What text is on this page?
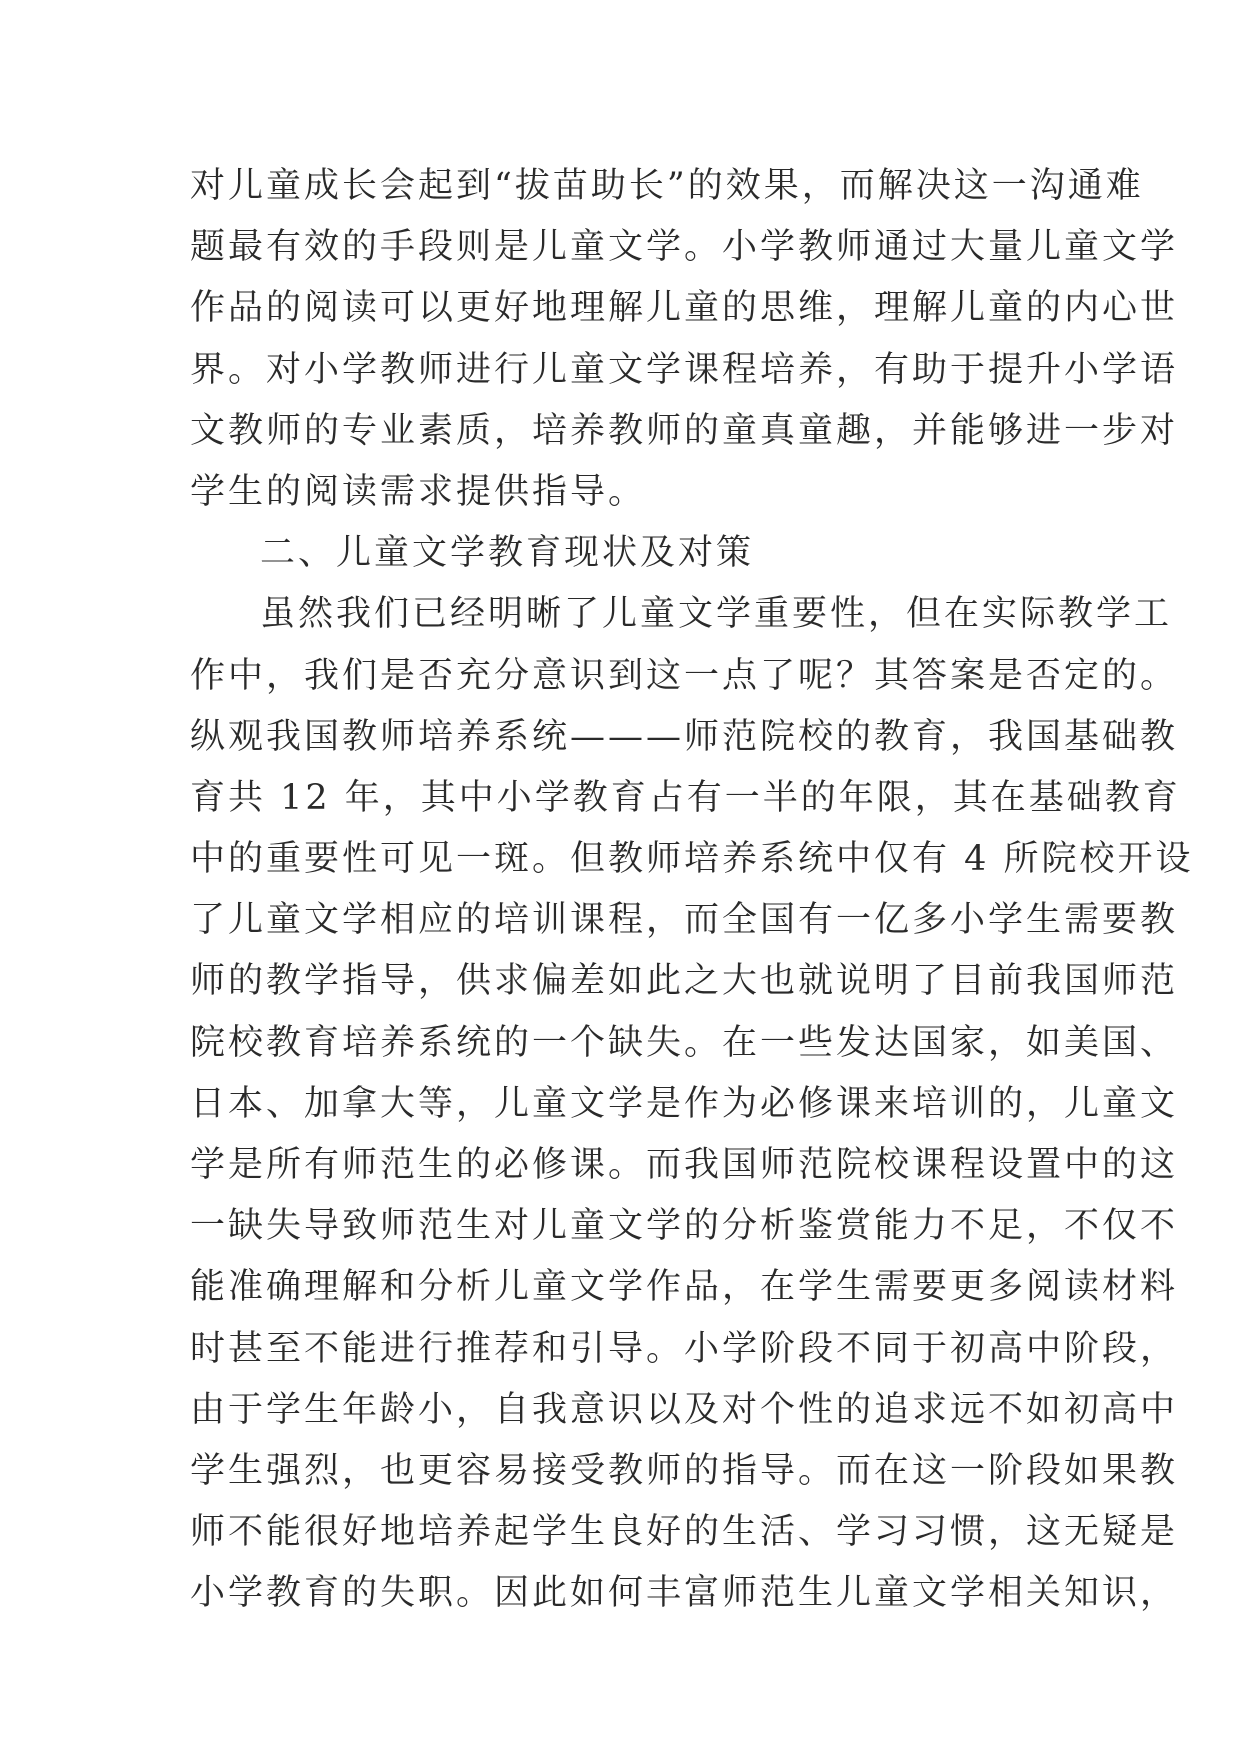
对儿童成长会起到“拔苗助长”的效果，而解决这一沟通难
题最有效的手段则是儿童文学。小学教师通过大量儿童文学
作品的阅读可以更好地理解儿童的思维，理解儿童的内心世
界。对小学教师进行儿童文学课程培养，有助于提升小学语
文教师的专业素质，培养教师的童真童趣，并能够进一步对
学生的阅读需求提供指导。
二、儿童文学教育现状及对策
虽然我们已经明晰了儿童文学重要性，但在实际教学工
作中，我们是否充分意识到这一点了呢？其答案是否定的。
纵观我国教师培养系统———师范院校的教育，我国基础教
育共 12 年，其中小学教育占有一半的年限，其在基础教育
中的重要性可见一斑。但教师培养系统中仅有 4 所院校开设
了儿童文学相应的培训课程，而全国有一亿多小学生需要教
师的教学指导，供求偏差如此之大也就说明了目前我国师范
院校教育培养系统的一个缺失。在一些发达国家，如美国、
日本、加拿大等，儿童文学是作为必修课来培训的，儿童文
学是所有师范生的必修课。而我国师范院校课程设置中的这
一缺失导致师范生对儿童文学的分析鉴赏能力不足，不仅不
能准确理解和分析儿童文学作品，在学生需要更多阅读材料
时甚至不能进行推荐和引导。小学阶段不同于初高中阶段，
由于学生年龄小，自我意识以及对个性的追求远不如初高中
学生强烈，也更容易接受教师的指导。而在这一阶段如果教
师不能很好地培养起学生良好的生活、学习习惯，这无疑是
小学教育的失职。因此如何丰富师范生儿童文学相关知识，
